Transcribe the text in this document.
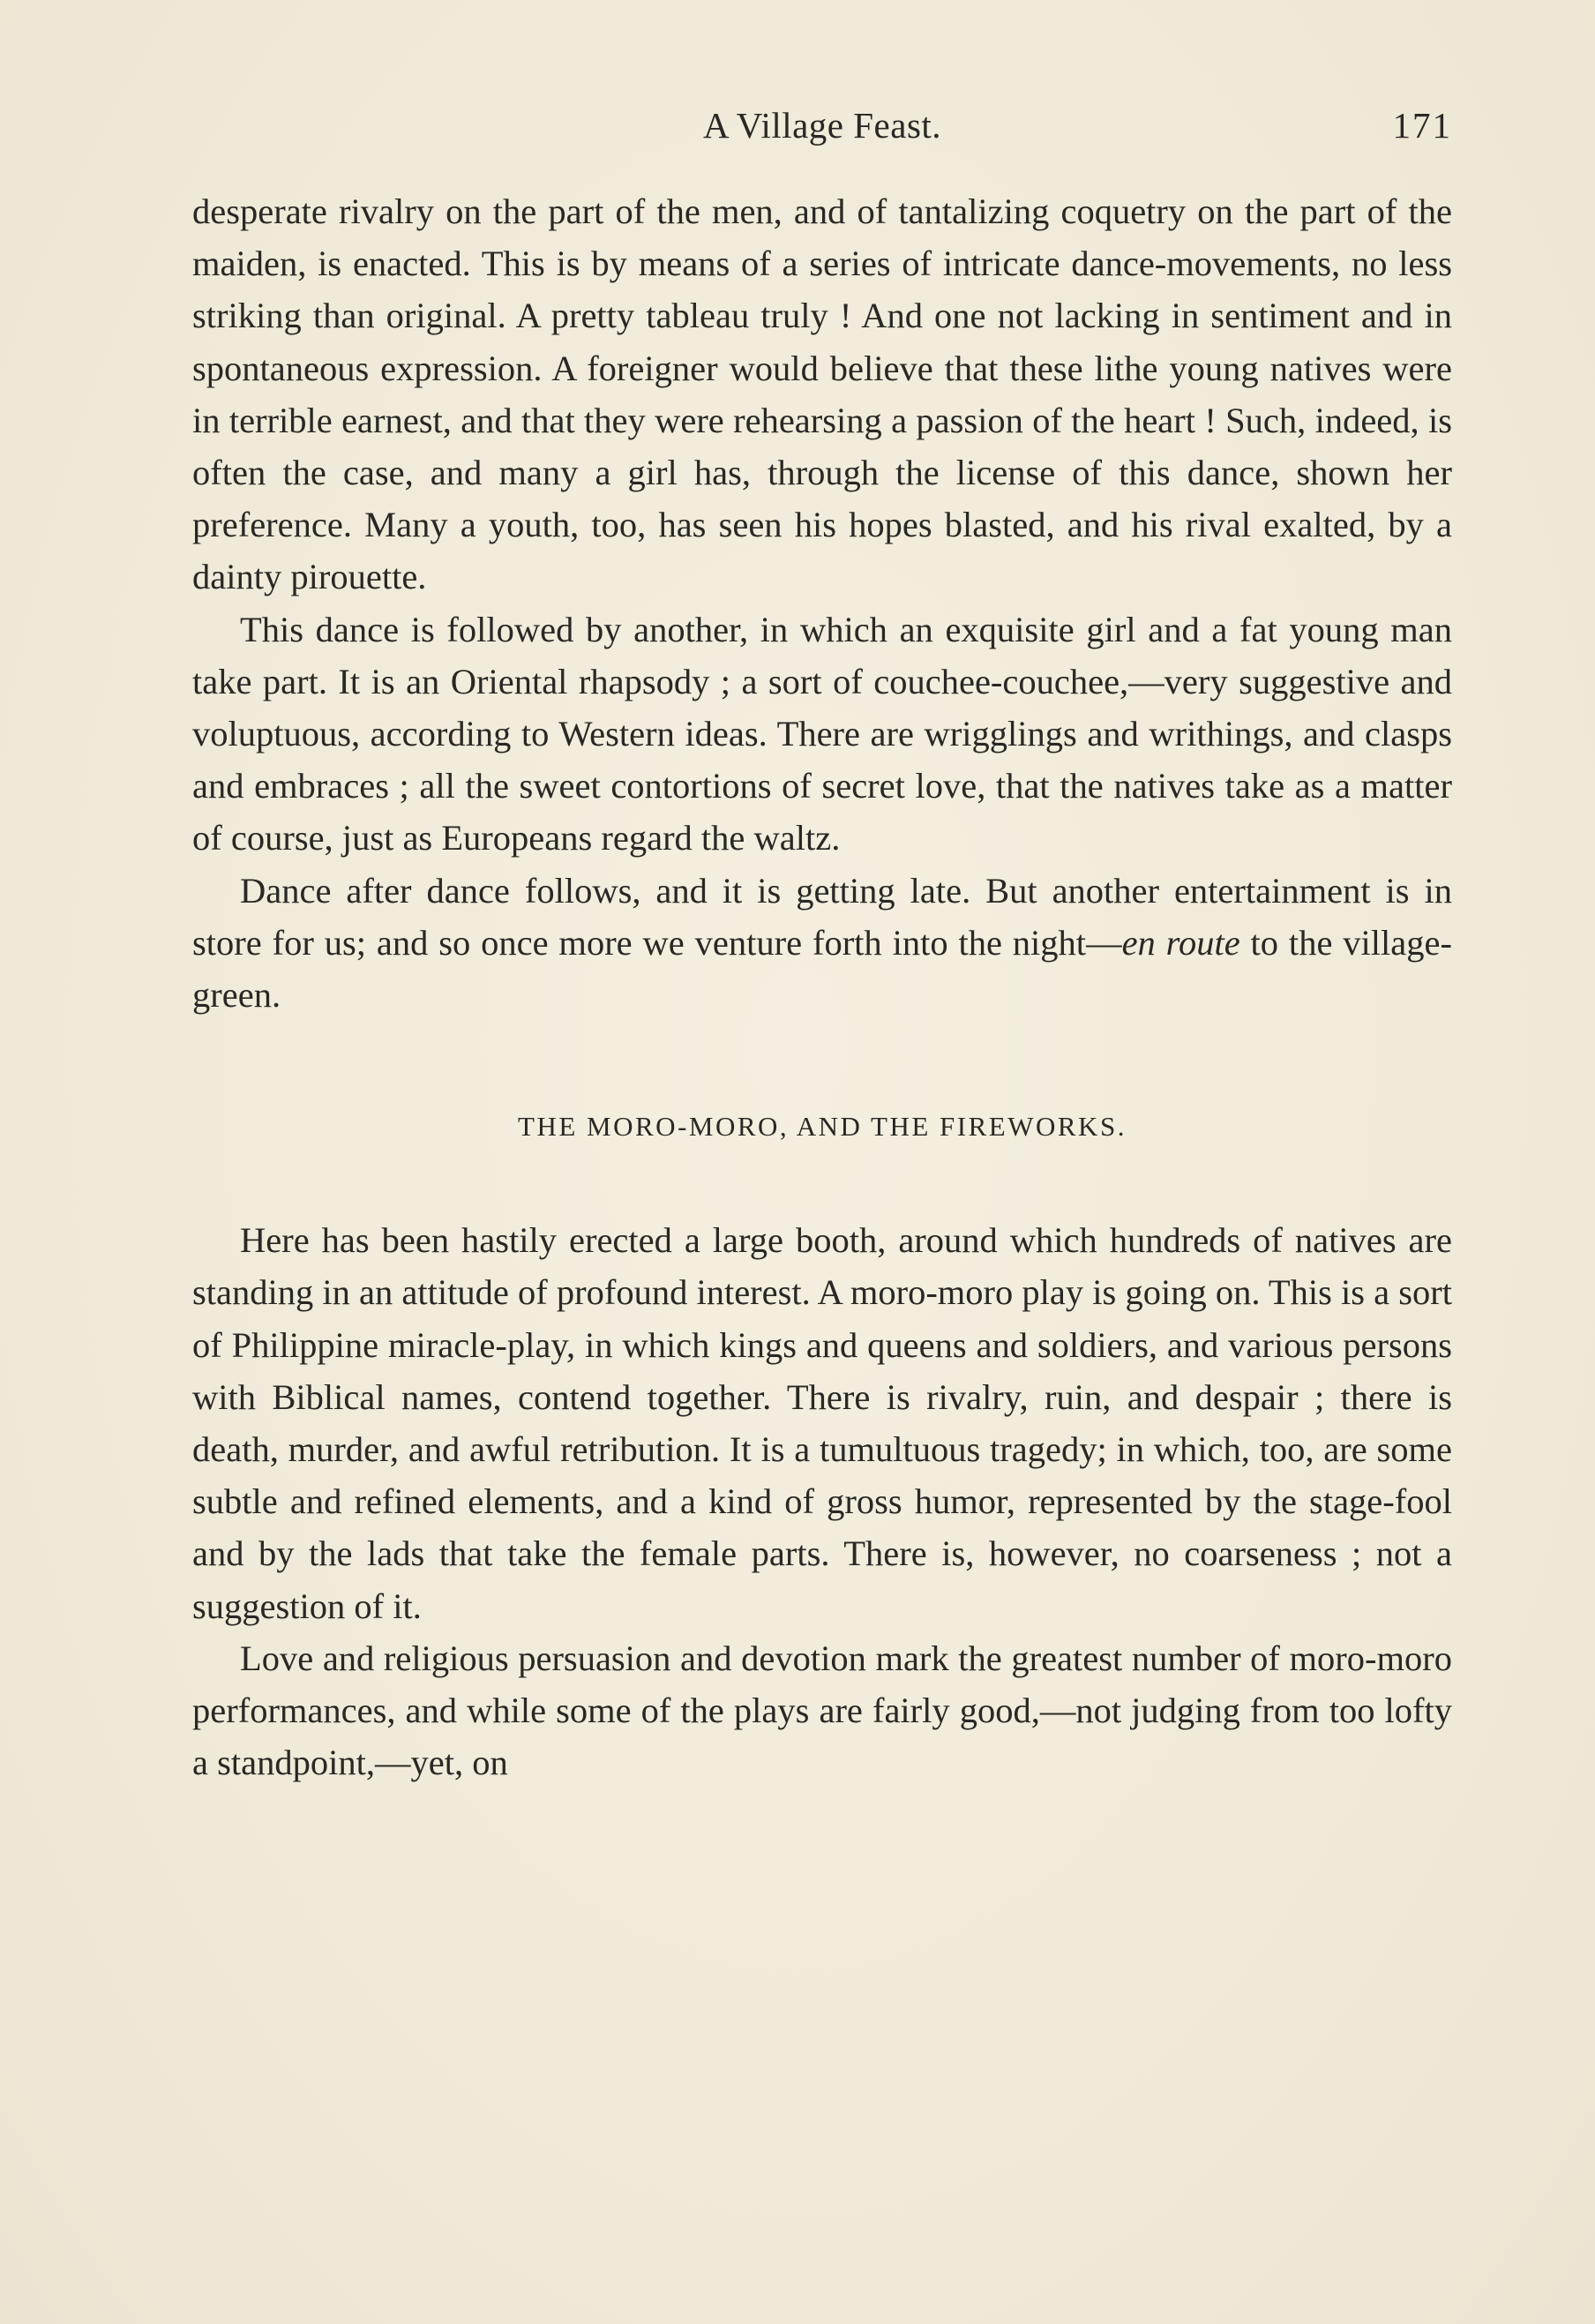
A Village Feast.	171

desperate rivalry on the part of the men, and of tantalizing coquetry on the part of the maiden, is enacted. This is by means of a series of intricate dance-movements, no less striking than original. A pretty tableau truly ! And one not lacking in sentiment and in spontaneous expression. A foreigner would believe that these lithe young natives were in terrible earnest, and that they were rehearsing a passion of the heart ! Such, indeed, is often the case, and many a girl has, through the license of this dance, shown her preference. Many a youth, too, has seen his hopes blasted, and his rival exalted, by a dainty pirouette.

This dance is followed by another, in which an exquisite girl and a fat young man take part. It is an Oriental rhapsody ; a sort of couchee-couchee,—very suggestive and voluptuous, according to Western ideas. There are wrigglings and writhings, and clasps and embraces ; all the sweet contortions of secret love, that the natives take as a matter of course, just as Europeans regard the waltz.

Dance after dance follows, and it is getting late. But another entertainment is in store for us; and so once more we venture forth into the night—en route to the village-green.

THE MORO-MORO, AND THE FIREWORKS.

Here has been hastily erected a large booth, around which hundreds of natives are standing in an attitude of profound interest. A moro-moro play is going on. This is a sort of Philippine miracle-play, in which kings and queens and soldiers, and various persons with Biblical names, contend together. There is rivalry, ruin, and despair ; there is death, murder, and awful retribution. It is a tumultuous tragedy; in which, too, are some subtle and refined elements, and a kind of gross humor, represented by the stage-fool and by the lads that take the female parts. There is, however, no coarseness ; not a suggestion of it.

Love and religious persuasion and devotion mark the greatest number of moro-moro performances, and while some of the plays are fairly good,—not judging from too lofty a standpoint,—yet, on
